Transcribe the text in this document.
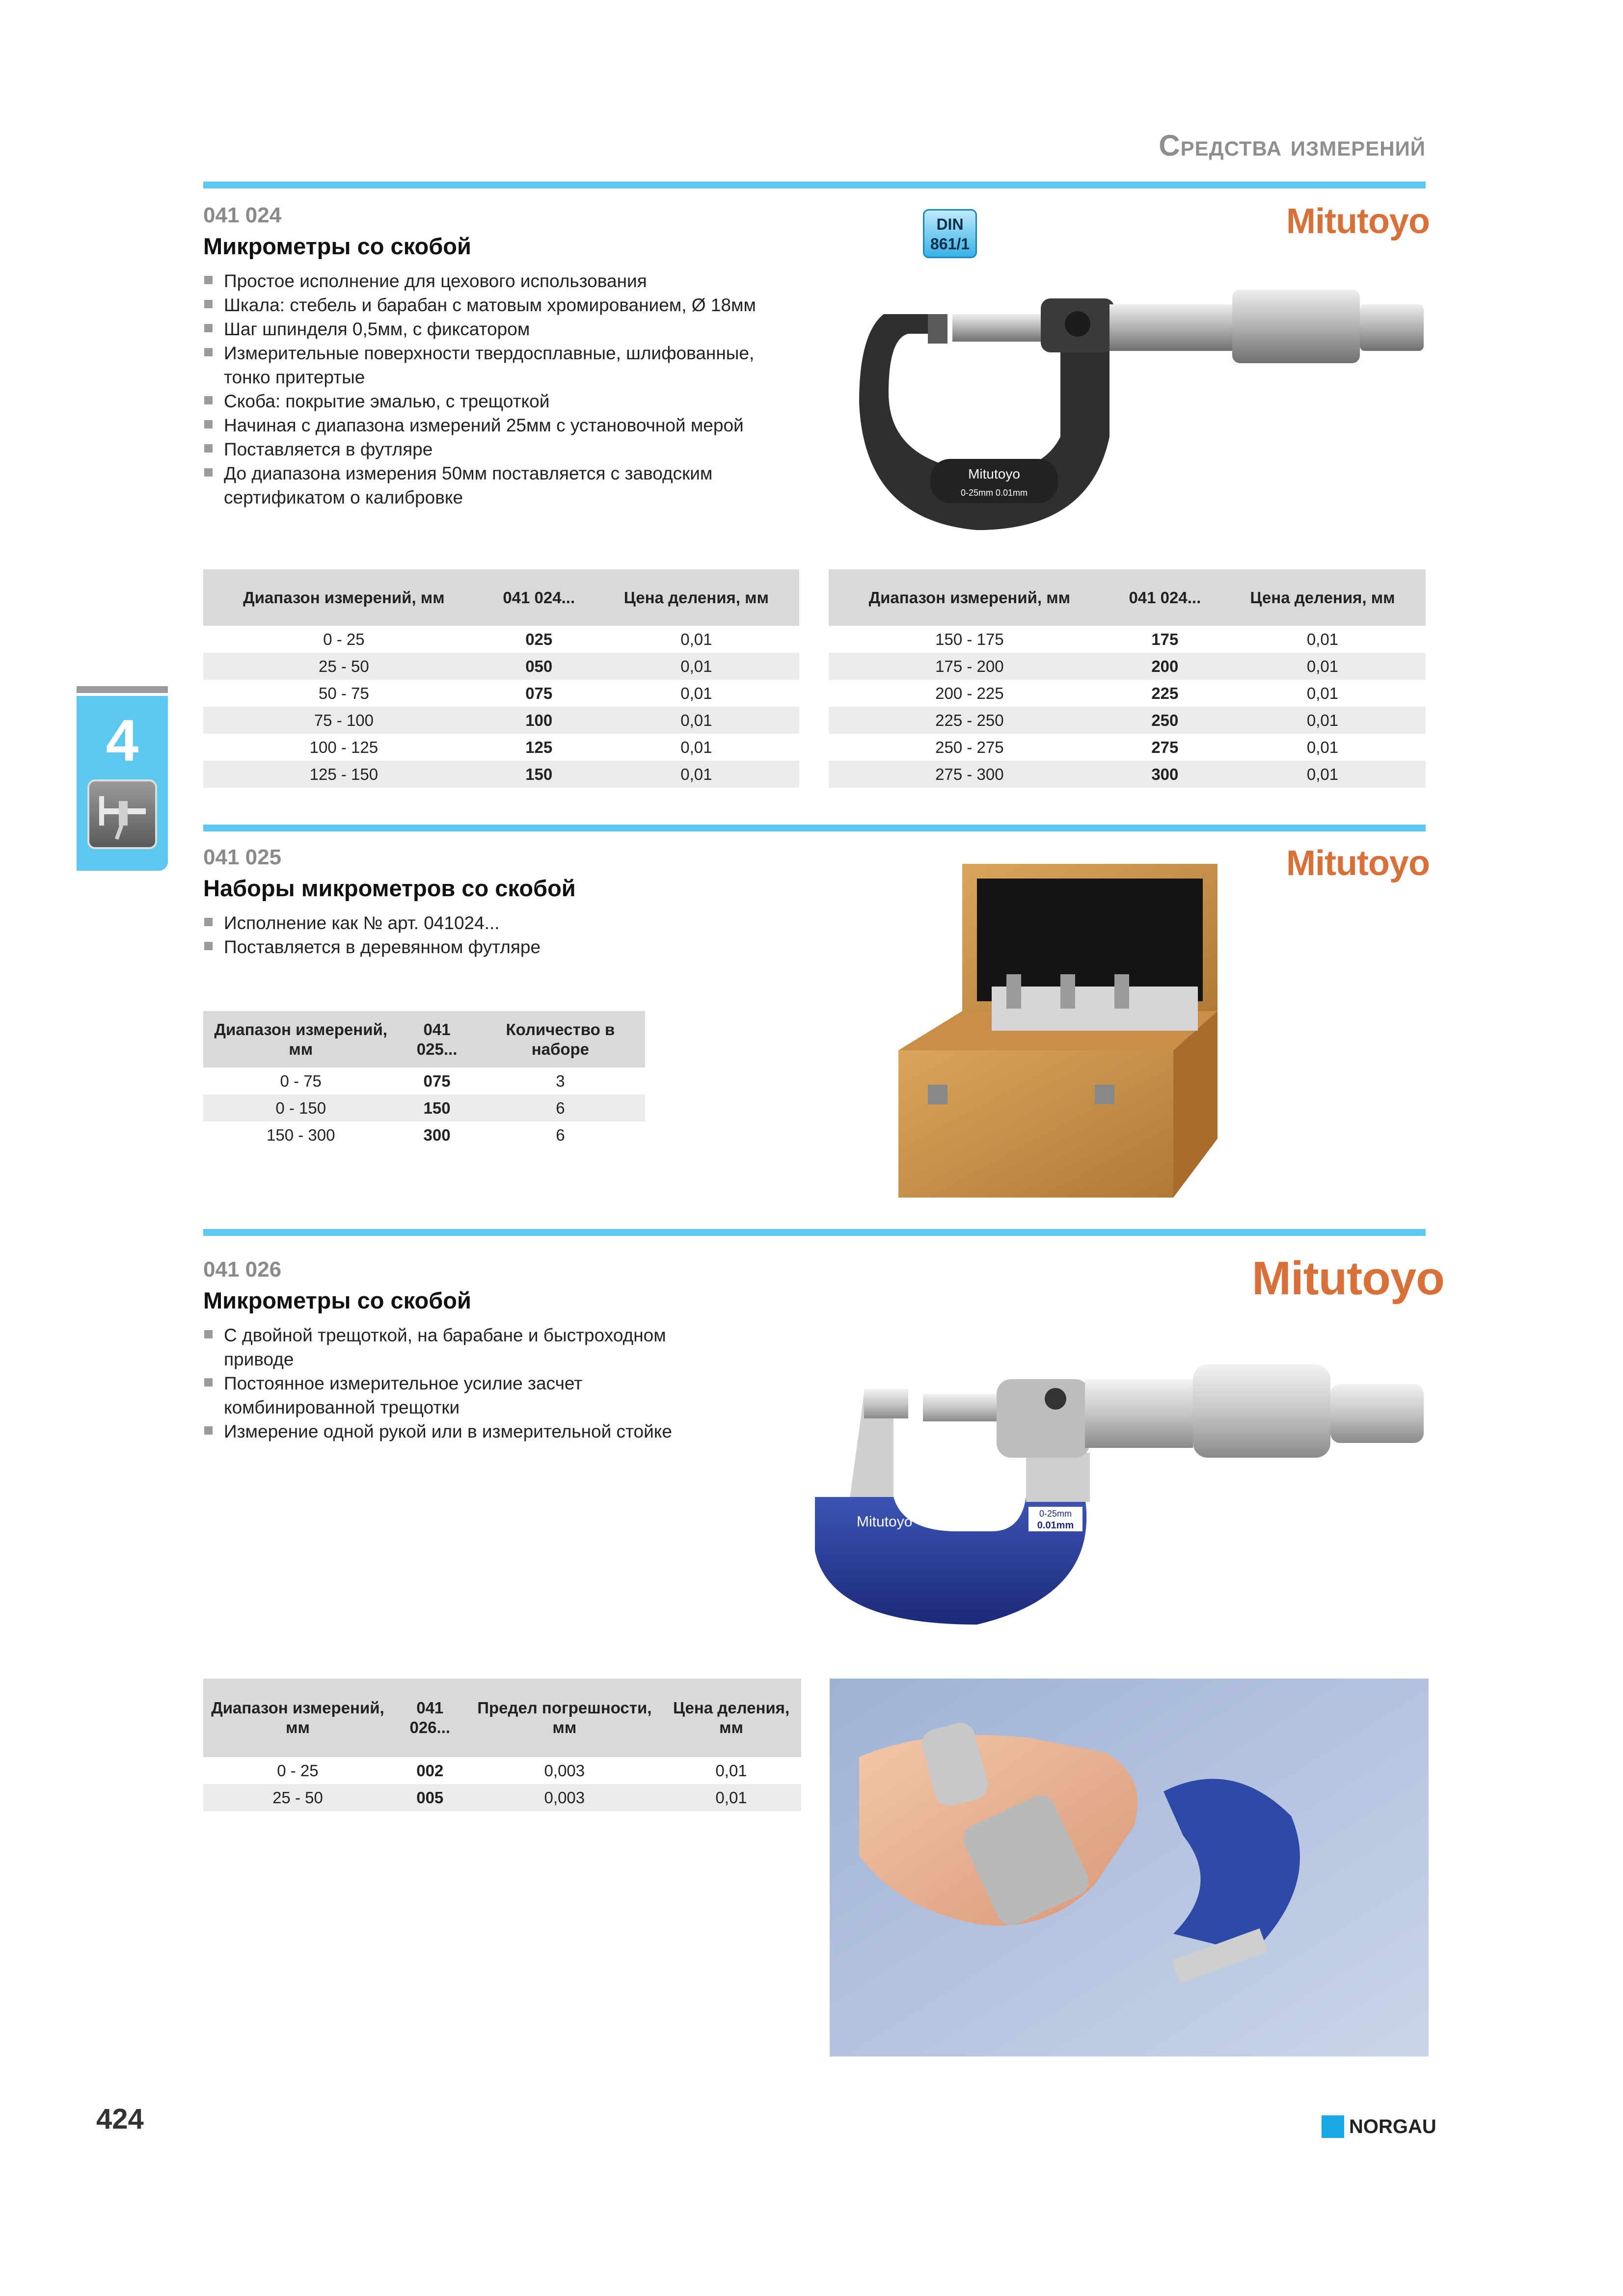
Средства измерений
4
041 024
Микрометры со скобой
Простое исполнение для цехового использования
Шкала: стебель и барабан с матовым хромированием, Ø 18мм
Шаг шпинделя 0,5мм, с фиксатором
Измерительные поверхности твердосплавные, шлифованные,
тонко притертые
Скоба: покрытие эмалью, с трещоткой
Начиная с диапазона измерений 25мм с установочной мерой
Поставляется в футляре
До диапазона измерения 50мм поставляется с заводским
сертификатом о калибровке
DIN
861/1
Mitutoyo
Mitutoyo
0-25mm 0.01mm
Диапазон измерений, мм	041 024...	Цена деления, мм
0 - 25	025	0,01
25 - 50	050	0,01
50 - 75	075	0,01
75 - 100	100	0,01
100 - 125	125	0,01
125 - 150	150	0,01
Диапазон измерений, мм	041 024...	Цена деления, мм
150 - 175	175	0,01
175 - 200	200	0,01
200 - 225	225	0,01
225 - 250	250	0,01
250 - 275	275	0,01
275 - 300	300	0,01
041 025
Наборы микрометров со скобой
Исполнение как № арт. 041024...
Поставляется в деревянном футляре
Mitutoyo
Диапазон измерений, мм	041 025...	Количество в наборе
0 - 75	075	3
0 - 150	150	6
150 - 300	300	6
041 026
Микрометры со скобой
С двойной трещоткой, на барабане и быстроходном
приводе
Постоянное измерительное усилие засчет
комбинированной трещотки
Измерение одной рукой или в измерительной стойке
Mitutoyo
Mitutoyo	0-25mm
0.01mm
Диапазон измерений, мм	041 026...	Предел погрешности, мм	Цена деления, мм
0 - 25	002	0,003	0,01
25 - 50	005	0,003	0,01
424	NORGAU
